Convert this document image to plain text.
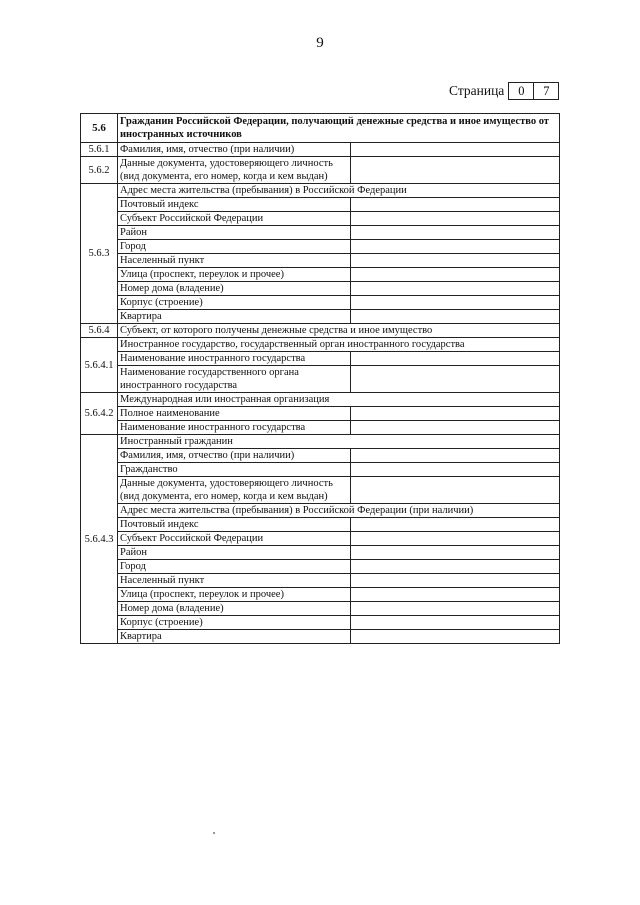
9
Страница	0	7
5.6	Гражданин Российской Федерации, получающий денежные средства и иное имущество от иностранных источников	
5.6.1	Фамилия, имя, отчество (при наличии)	
5.6.2	Данные документа, удостоверяющего личность (вид документа, его номер, когда и кем выдан)	
5.6.3	Адрес места жительства (пребывания) в Российской Федерации	
	Почтовый индекс	
	Субъект Российской Федерации	
	Район	
	Город	
	Населенный пункт	
	Улица (проспект, переулок и прочее)	
	Номер дома (владение)	
	Корпус (строение)	
	Квартира	
5.6.4	Субъект, от которого получены денежные средства и иное имущество	
5.6.4.1	Иностранное государство, государственный орган иностранного государства	
	Наименование иностранного государства	
	Наименование государственного органа иностранного государства	
5.6.4.2	Международная или иностранная организация	
	Полное наименование	
	Наименование иностранного государства	
5.6.4.3	Иностранный гражданин	
	Фамилия, имя, отчество (при наличии)	
	Гражданство	
	Данные документа, удостоверяющего личность (вид документа, его номер, когда и кем выдан)	
	Адрес места жительства (пребывания) в Российской Федерации (при наличии)	
	Почтовый индекс	
	Субъект Российской Федерации	
	Район	
	Город	
	Населенный пункт	
	Улица (проспект, переулок и прочее)	
	Номер дома (владение)	
	Корпус (строение)	
	Квартира	
